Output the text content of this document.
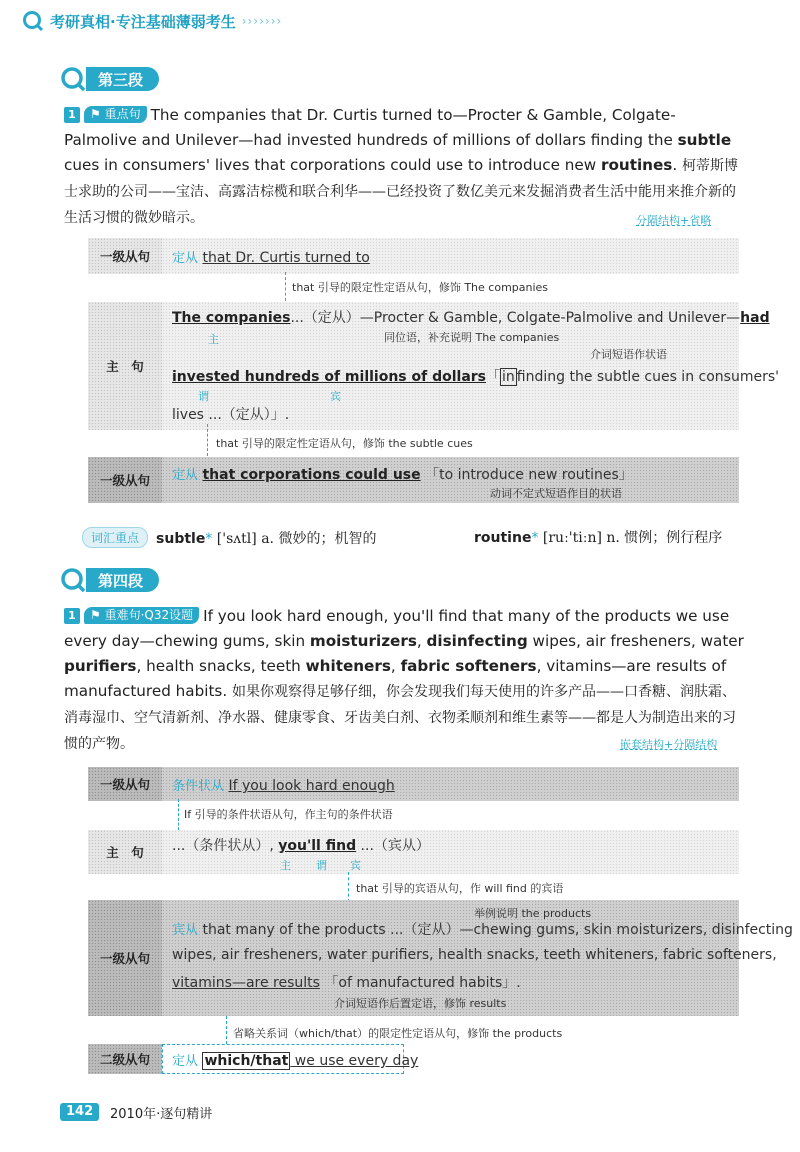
考研真相·专注基础薄弱考生 ›››››››
第三段
1 ⚑ 重点句 The companies that Dr. Curtis turned to—Procter & Gamble, Colgate-Palmolive and Unilever—had invested hundreds of millions of dollars finding the subtle cues in consumers' lives that corporations could use to introduce new routines. 柯蒂斯博士求助的公司——宝洁、高露洁棕榄和联合利华——已经投资了数亿美元来发掘消费者生活中能用来推介新的生活习惯的微妙暗示。	分隔结构+省略
一级从句	定从 that Dr. Curtis turned to
that 引导的限定性定语从句，修饰 The companies
主　句
The companies...（定从）—Procter & Gamble, Colgate-Palmolive and Unilever—had
主	同位语，补充说明 The companies
介词短语作状语
invested hundreds of millions of dollars「 in finding the subtle cues in consumers'
谓	宾
lives ...（定从）」.
that 引导的限定性定语从句，修饰 the subtle cues
一级从句	定从 that corporations could use 「to introduce new routines」
动词不定式短语作目的状语
词汇重点	subtle* ['sʌtl] a. 微妙的；机智的	routine* [ruː'tiːn] n. 惯例；例行程序
第四段
1 ⚑ 重难句·Q32设题 If you look hard enough, you'll find that many of the products we use every day—chewing gums, skin moisturizers, disinfecting wipes, air fresheners, water purifiers, health snacks, teeth whiteners, fabric softeners, vitamins—are results of manufactured habits. 如果你观察得足够仔细，你会发现我们每天使用的许多产品——口香糖、润肤霜、消毒湿巾、空气清新剂、净水器、健康零食、牙齿美白剂、衣物柔顺剂和维生素等——都是人为制造出来的习惯的产物。	嵌套结构+分隔结构
一级从句	条件状从 If you look hard enough
If 引导的条件状语从句，作主句的条件状语
主　句	...（条件状从）, you'll find ...（宾从）
主 谓 宾
that 引导的宾语从句，作 will find 的宾语
一级从句
举例说明 the products
宾从 that many of the products ...（定从）—chewing gums, skin moisturizers, disinfecting
wipes, air fresheners, water purifiers, health snacks, teeth whiteners, fabric softeners,
vitamins—are results 「of manufactured habits」.
介词短语作后置定语，修饰 results
省略关系词（which/that）的限定性定语从句，修饰 the products
二级从句	定从 which/that we use every day
142	2010年·逐句精讲
